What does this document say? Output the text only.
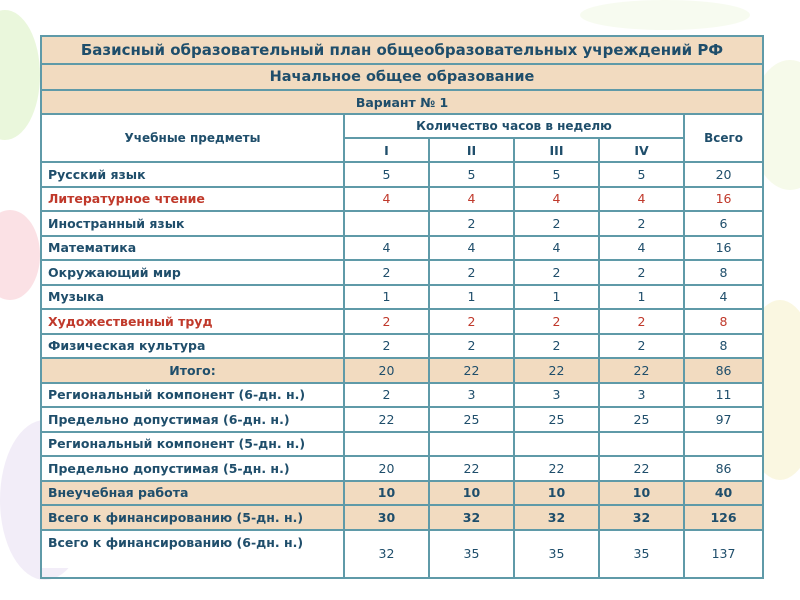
Базисный образовательный план общеобразовательных учреждений РФ					
Начальное общее образование					
Вариант № 1					
Учебные предметы	Количество часов в неделю				Всего
	I	II	III	IV	
Русский язык	5	5	5	5	20
Литературное чтение	4	4	4	4	16
Иностранный язык		2	2	2	6
Математика	4	4	4	4	16
Окружающий мир	2	2	2	2	8
Музыка	1	1	1	1	4
Художественный труд	2	2	2	2	8
Физическая культура	2	2	2	2	8
Итого:	20	22	22	22	86
Региональный компонент (6-дн. н.)	2	3	3	3	11
Предельно допустимая (6-дн. н.)	22	25	25	25	97
Региональный компонент (5-дн. н.)					
Предельно допустимая (5-дн. н.)	20	22	22	22	86
Внеучебная работа	10	10	10	10	40
Всего к финансированию (5-дн. н.)	30	32	32	32	126
Всего к финансированию (6-дн. н.)	32	35	35	35	137
